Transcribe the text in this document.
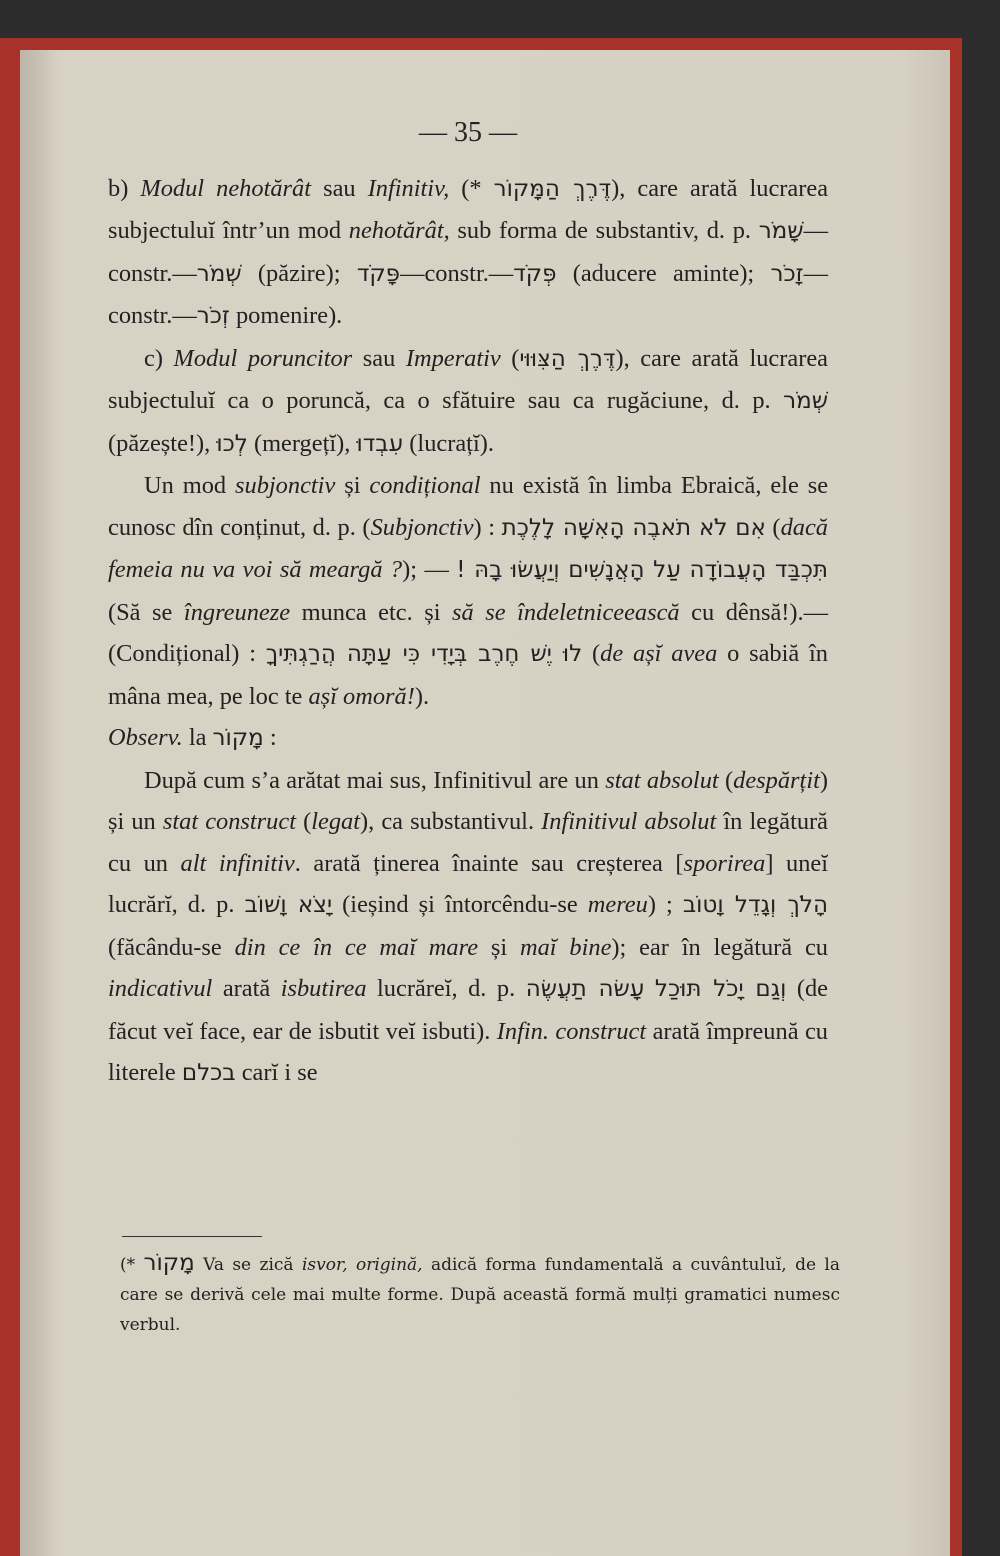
— 35 —

b) Modul nehotărât sau Infinitiv, (* דֶּרֶךְ הַמָּקוֹר), care arată lucrarea subjectuluĭ într’un mod nehotărât, sub forma de substantiv, d. p. שָׁמֹר—constr.—שְׁמֹר (păzire); פָּקֹד—constr.—פְּקֹד (aducere aminte); זָכֹר—constr.—זְכֹר pomenire).

c) Modul poruncitor sau Imperativ (דֶּרֶךְ הַצִּוּוּי), care arată lucrarea subjectuluĭ ca o poruncă, ca o sfătuire sau ca rugăciune, d. p. שְׁמֹר (păzește!), לְכוּ (mergețĭ), עִבְדוּ (lucrațĭ).

Un mod subjonctiv și condițional nu există în limba Ebraică, ele se cunosc dîn conținut, d. p. (Subjonctiv) : אִם לֹא תֹאבֶה הָאִשָּׁה לָלֶכֶת (dacă femeia nu va voi să meargă ?); — תִּכְבַּד הָעֲבוֹדָה עַל הָאֲנָשִׁים וְיַעֲשׂוּ בָהּ ! (Să se îngreuneze munca etc. și să se îndeletniceească cu dênsă!).— (Condițional) : לוּ יֶשׁ חֶרֶב בְּיָדִי כִּי עַתָּה הֲרַגְתִּיךָ (de așĭ avea o sabiă în mâna mea, pe loc te așĭ omoră!).

Observ. la מָקוֹר :

După cum s’a arătat mai sus, Infinitivul are un stat absolut (despărțit) și un stat construct (legat), ca substantivul. Infinitivul absolut în legătură cu un alt infinitiv. arată ținerea înainte sau creșterea [sporirea] uneĭ lucrărĭ, d. p. יָצֹא וָשׁוֹב (ieșind și întorcêndu-se mereu) ; הָלֹךְ וְגָדֵל וָטוֹב (făcându-se din ce în ce maĭ mare și maĭ bine); ear în legătură cu indicativul arată isbutirea lucrăreĭ, d. p. עָשׂה תַעֲשֶׂה וְגַם יָכֹל תּוּכַל (de făcut veĭ face, ear de isbutit veĭ isbuti). Infin. construct arată împreună cu literele בכלם carĭ i se

(* מָקוֹר Va se zică isvor, origină, adică forma fundamentală a cuvântuluĭ, de la care se derivă cele mai multe forme. După această formă mulți gramatici numesc verbul.
